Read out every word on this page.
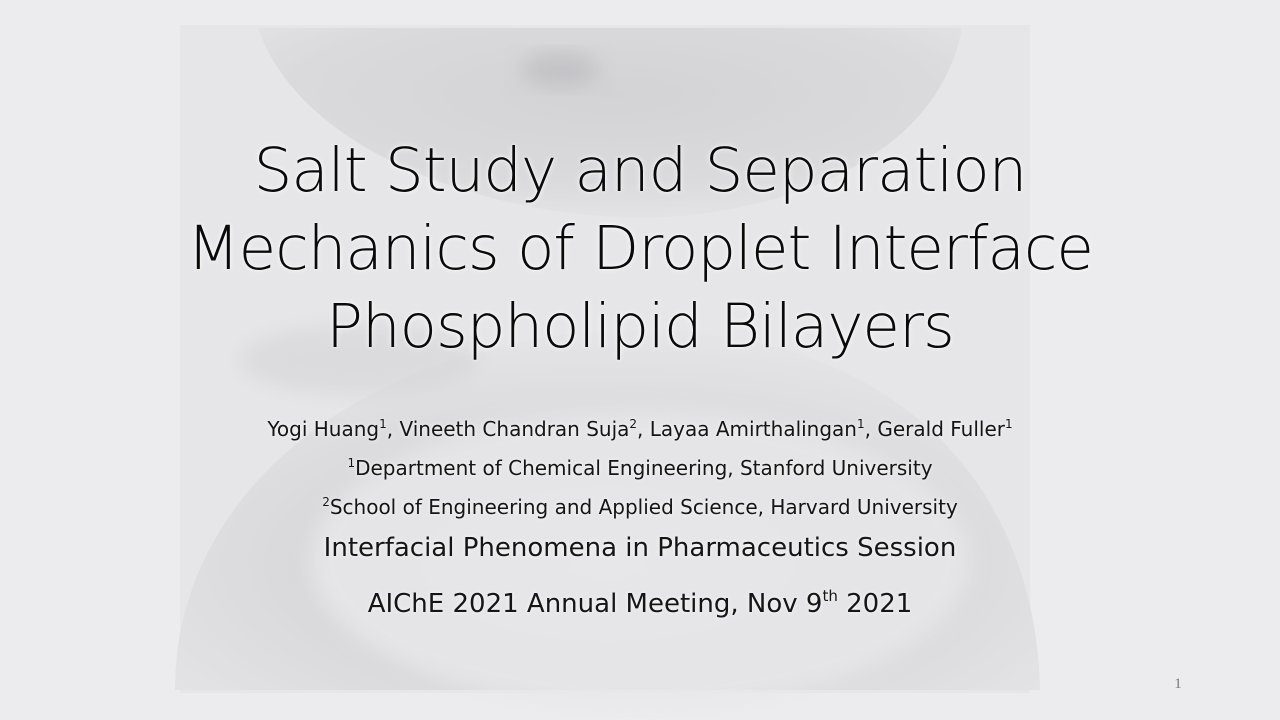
Salt Study and Separation
Mechanics of Droplet Interface
Phospholipid Bilayers
Yogi Huang$^1$, Vineeth Chandran Suja$^2$, Layaa Amirthalingan$^1$, Gerald Fuller$^1$
$^1$Department of Chemical Engineering, Stanford University
$^2$School of Engineering and Applied Science, Harvard University
Interfacial Phenomena in Pharmaceutics Session
AIChE 2021 Annual Meeting, Nov 9th 2021
1
